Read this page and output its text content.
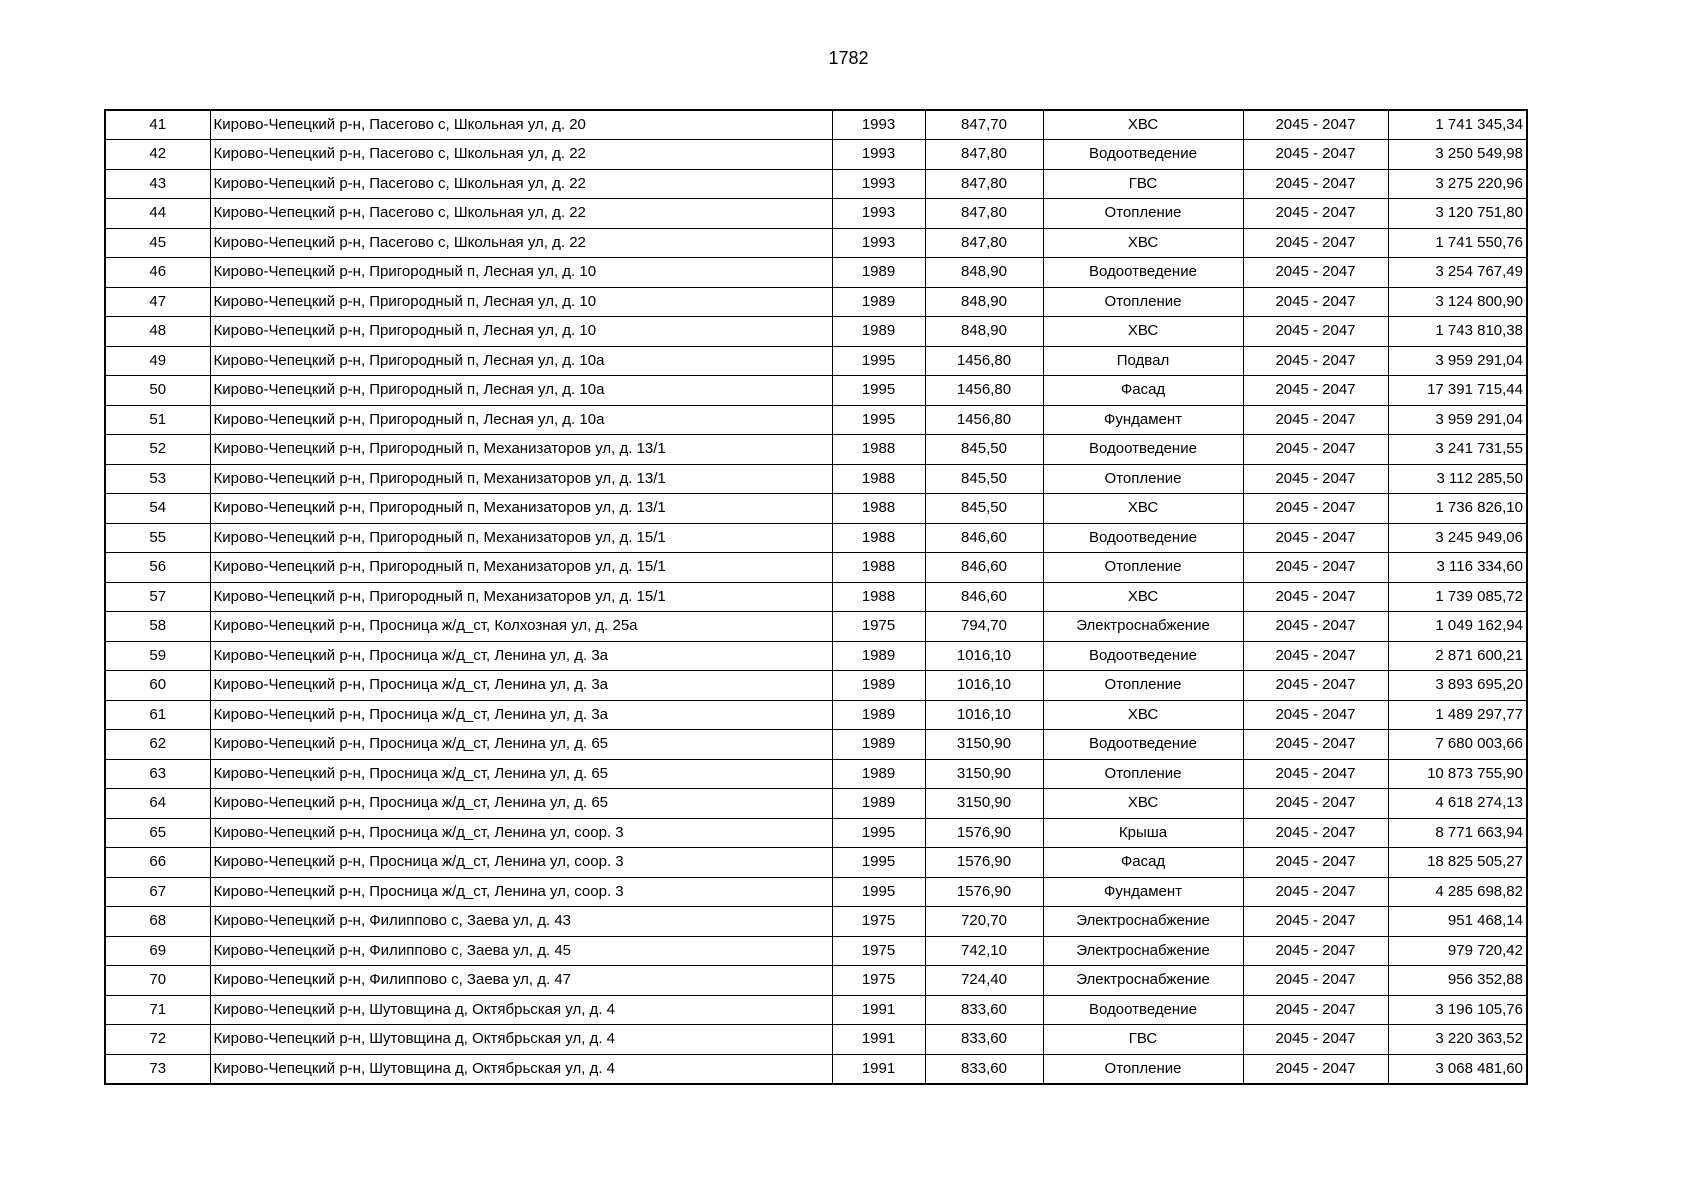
1782
41	Кирово-Чепецкий р-н, Пасегово с, Школьная ул, д. 20	1993	847,70	ХВС	2045 - 2047	1 741 345,34
42	Кирово-Чепецкий р-н, Пасегово с, Школьная ул, д. 22	1993	847,80	Водоотведение	2045 - 2047	3 250 549,98
43	Кирово-Чепецкий р-н, Пасегово с, Школьная ул, д. 22	1993	847,80	ГВС	2045 - 2047	3 275 220,96
44	Кирово-Чепецкий р-н, Пасегово с, Школьная ул, д. 22	1993	847,80	Отопление	2045 - 2047	3 120 751,80
45	Кирово-Чепецкий р-н, Пасегово с, Школьная ул, д. 22	1993	847,80	ХВС	2045 - 2047	1 741 550,76
46	Кирово-Чепецкий р-н, Пригородный п, Лесная ул, д. 10	1989	848,90	Водоотведение	2045 - 2047	3 254 767,49
47	Кирово-Чепецкий р-н, Пригородный п, Лесная ул, д. 10	1989	848,90	Отопление	2045 - 2047	3 124 800,90
48	Кирово-Чепецкий р-н, Пригородный п, Лесная ул, д. 10	1989	848,90	ХВС	2045 - 2047	1 743 810,38
49	Кирово-Чепецкий р-н, Пригородный п, Лесная ул, д. 10а	1995	1456,80	Подвал	2045 - 2047	3 959 291,04
50	Кирово-Чепецкий р-н, Пригородный п, Лесная ул, д. 10а	1995	1456,80	Фасад	2045 - 2047	17 391 715,44
51	Кирово-Чепецкий р-н, Пригородный п, Лесная ул, д. 10а	1995	1456,80	Фундамент	2045 - 2047	3 959 291,04
52	Кирово-Чепецкий р-н, Пригородный п, Механизаторов ул, д. 13/1	1988	845,50	Водоотведение	2045 - 2047	3 241 731,55
53	Кирово-Чепецкий р-н, Пригородный п, Механизаторов ул, д. 13/1	1988	845,50	Отопление	2045 - 2047	3 112 285,50
54	Кирово-Чепецкий р-н, Пригородный п, Механизаторов ул, д. 13/1	1988	845,50	ХВС	2045 - 2047	1 736 826,10
55	Кирово-Чепецкий р-н, Пригородный п, Механизаторов ул, д. 15/1	1988	846,60	Водоотведение	2045 - 2047	3 245 949,06
56	Кирово-Чепецкий р-н, Пригородный п, Механизаторов ул, д. 15/1	1988	846,60	Отопление	2045 - 2047	3 116 334,60
57	Кирово-Чепецкий р-н, Пригородный п, Механизаторов ул, д. 15/1	1988	846,60	ХВС	2045 - 2047	1 739 085,72
58	Кирово-Чепецкий р-н, Просница ж/д_ст, Колхозная ул, д. 25а	1975	794,70	Электроснабжение	2045 - 2047	1 049 162,94
59	Кирово-Чепецкий р-н, Просница ж/д_ст, Ленина ул, д. 3а	1989	1016,10	Водоотведение	2045 - 2047	2 871 600,21
60	Кирово-Чепецкий р-н, Просница ж/д_ст, Ленина ул, д. 3а	1989	1016,10	Отопление	2045 - 2047	3 893 695,20
61	Кирово-Чепецкий р-н, Просница ж/д_ст, Ленина ул, д. 3а	1989	1016,10	ХВС	2045 - 2047	1 489 297,77
62	Кирово-Чепецкий р-н, Просница ж/д_ст, Ленина ул, д. 65	1989	3150,90	Водоотведение	2045 - 2047	7 680 003,66
63	Кирово-Чепецкий р-н, Просница ж/д_ст, Ленина ул, д. 65	1989	3150,90	Отопление	2045 - 2047	10 873 755,90
64	Кирово-Чепецкий р-н, Просница ж/д_ст, Ленина ул, д. 65	1989	3150,90	ХВС	2045 - 2047	4 618 274,13
65	Кирово-Чепецкий р-н, Просница ж/д_ст, Ленина ул, соор. 3	1995	1576,90	Крыша	2045 - 2047	8 771 663,94
66	Кирово-Чепецкий р-н, Просница ж/д_ст, Ленина ул, соор. 3	1995	1576,90	Фасад	2045 - 2047	18 825 505,27
67	Кирово-Чепецкий р-н, Просница ж/д_ст, Ленина ул, соор. 3	1995	1576,90	Фундамент	2045 - 2047	4 285 698,82
68	Кирово-Чепецкий р-н, Филиппово с, Заева ул, д. 43	1975	720,70	Электроснабжение	2045 - 2047	951 468,14
69	Кирово-Чепецкий р-н, Филиппово с, Заева ул, д. 45	1975	742,10	Электроснабжение	2045 - 2047	979 720,42
70	Кирово-Чепецкий р-н, Филиппово с, Заева ул, д. 47	1975	724,40	Электроснабжение	2045 - 2047	956 352,88
71	Кирово-Чепецкий р-н, Шутовщина д, Октябрьская ул, д. 4	1991	833,60	Водоотведение	2045 - 2047	3 196 105,76
72	Кирово-Чепецкий р-н, Шутовщина д, Октябрьская ул, д. 4	1991	833,60	ГВС	2045 - 2047	3 220 363,52
73	Кирово-Чепецкий р-н, Шутовщина д, Октябрьская ул, д. 4	1991	833,60	Отопление	2045 - 2047	3 068 481,60
